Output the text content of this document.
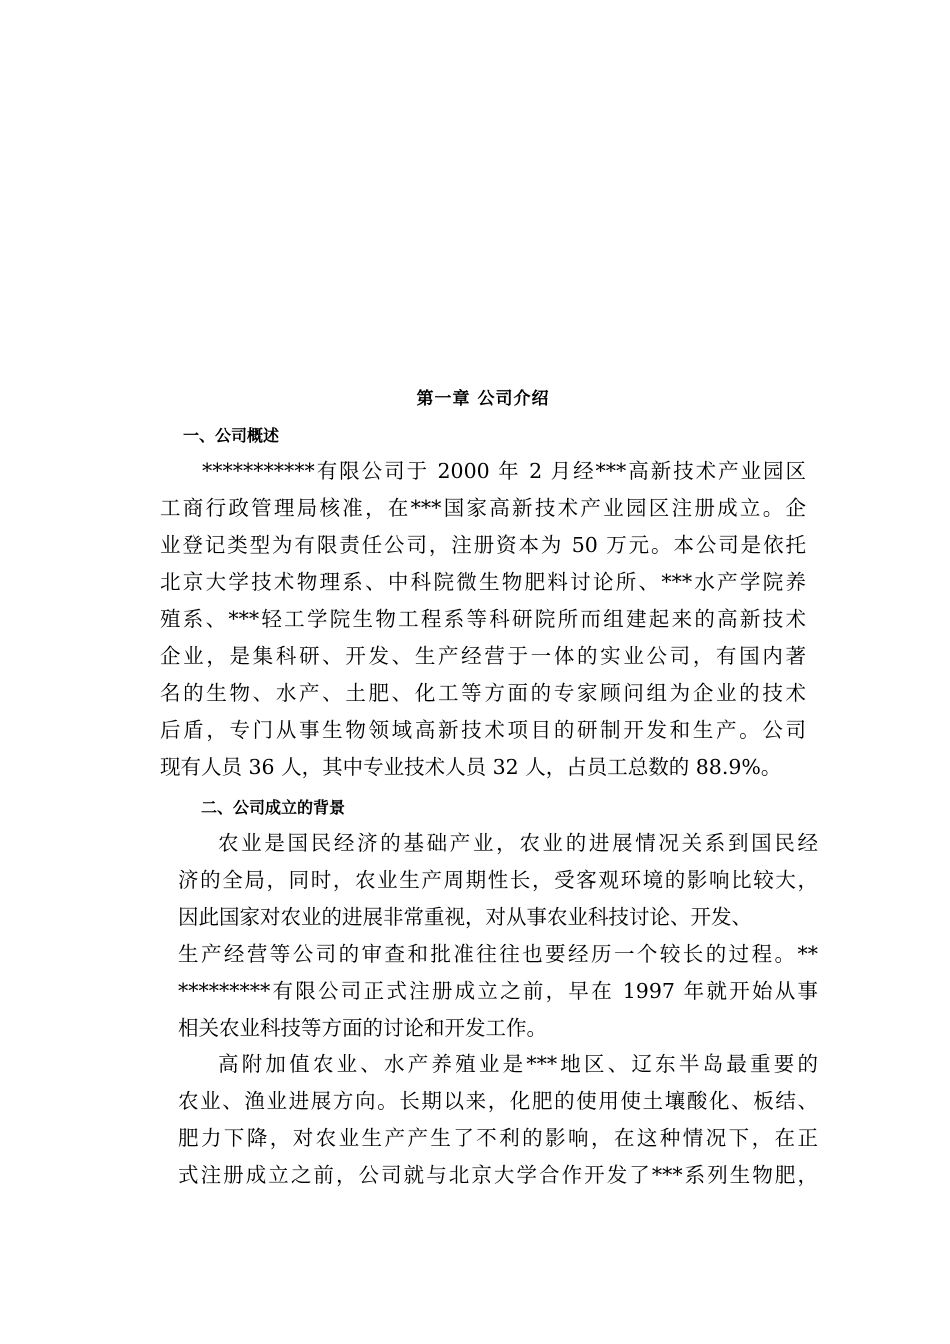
第一章 公司介绍
一、公司概述
***********有限公司于 2000 年 2 月经***高新技术产业园区
工商行政管理局核准，在***国家高新技术产业园区注册成立。企
业登记类型为有限责任公司，注册资本为 50 万元。本公司是依托
北京大学技术物理系、中科院微生物肥料讨论所、***水产学院养
殖系、***轻工学院生物工程系等科研院所而组建起来的高新技术
企业，是集科研、开发、生产经营于一体的实业公司，有国内著
名的生物、水产、土肥、化工等方面的专家顾问组为企业的技术
后盾，专门从事生物领域高新技术项目的研制开发和生产。公司
现有人员 36 人，其中专业技术人员 32 人，占员工总数的 88.9%。
二、公司成立的背景
农业是国民经济的基础产业，农业的进展情况关系到国民经
济的全局，同时，农业生产周期性长，受客观环境的影响比较大，
因此国家对农业的进展非常重视，对从事农业科技讨论、开发、
生产经营等公司的审查和批准往往也要经历一个较长的过程。**
*********有限公司正式注册成立之前，早在 1997 年就开始从事
相关农业科技等方面的讨论和开发工作。
高附加值农业、水产养殖业是***地区、辽东半岛最重要的
农业、渔业进展方向。长期以来，化肥的使用使土壤酸化、板结、
肥力下降，对农业生产产生了不利的影响，在这种情况下，在正
式注册成立之前，公司就与北京大学合作开发了***系列生物肥，
